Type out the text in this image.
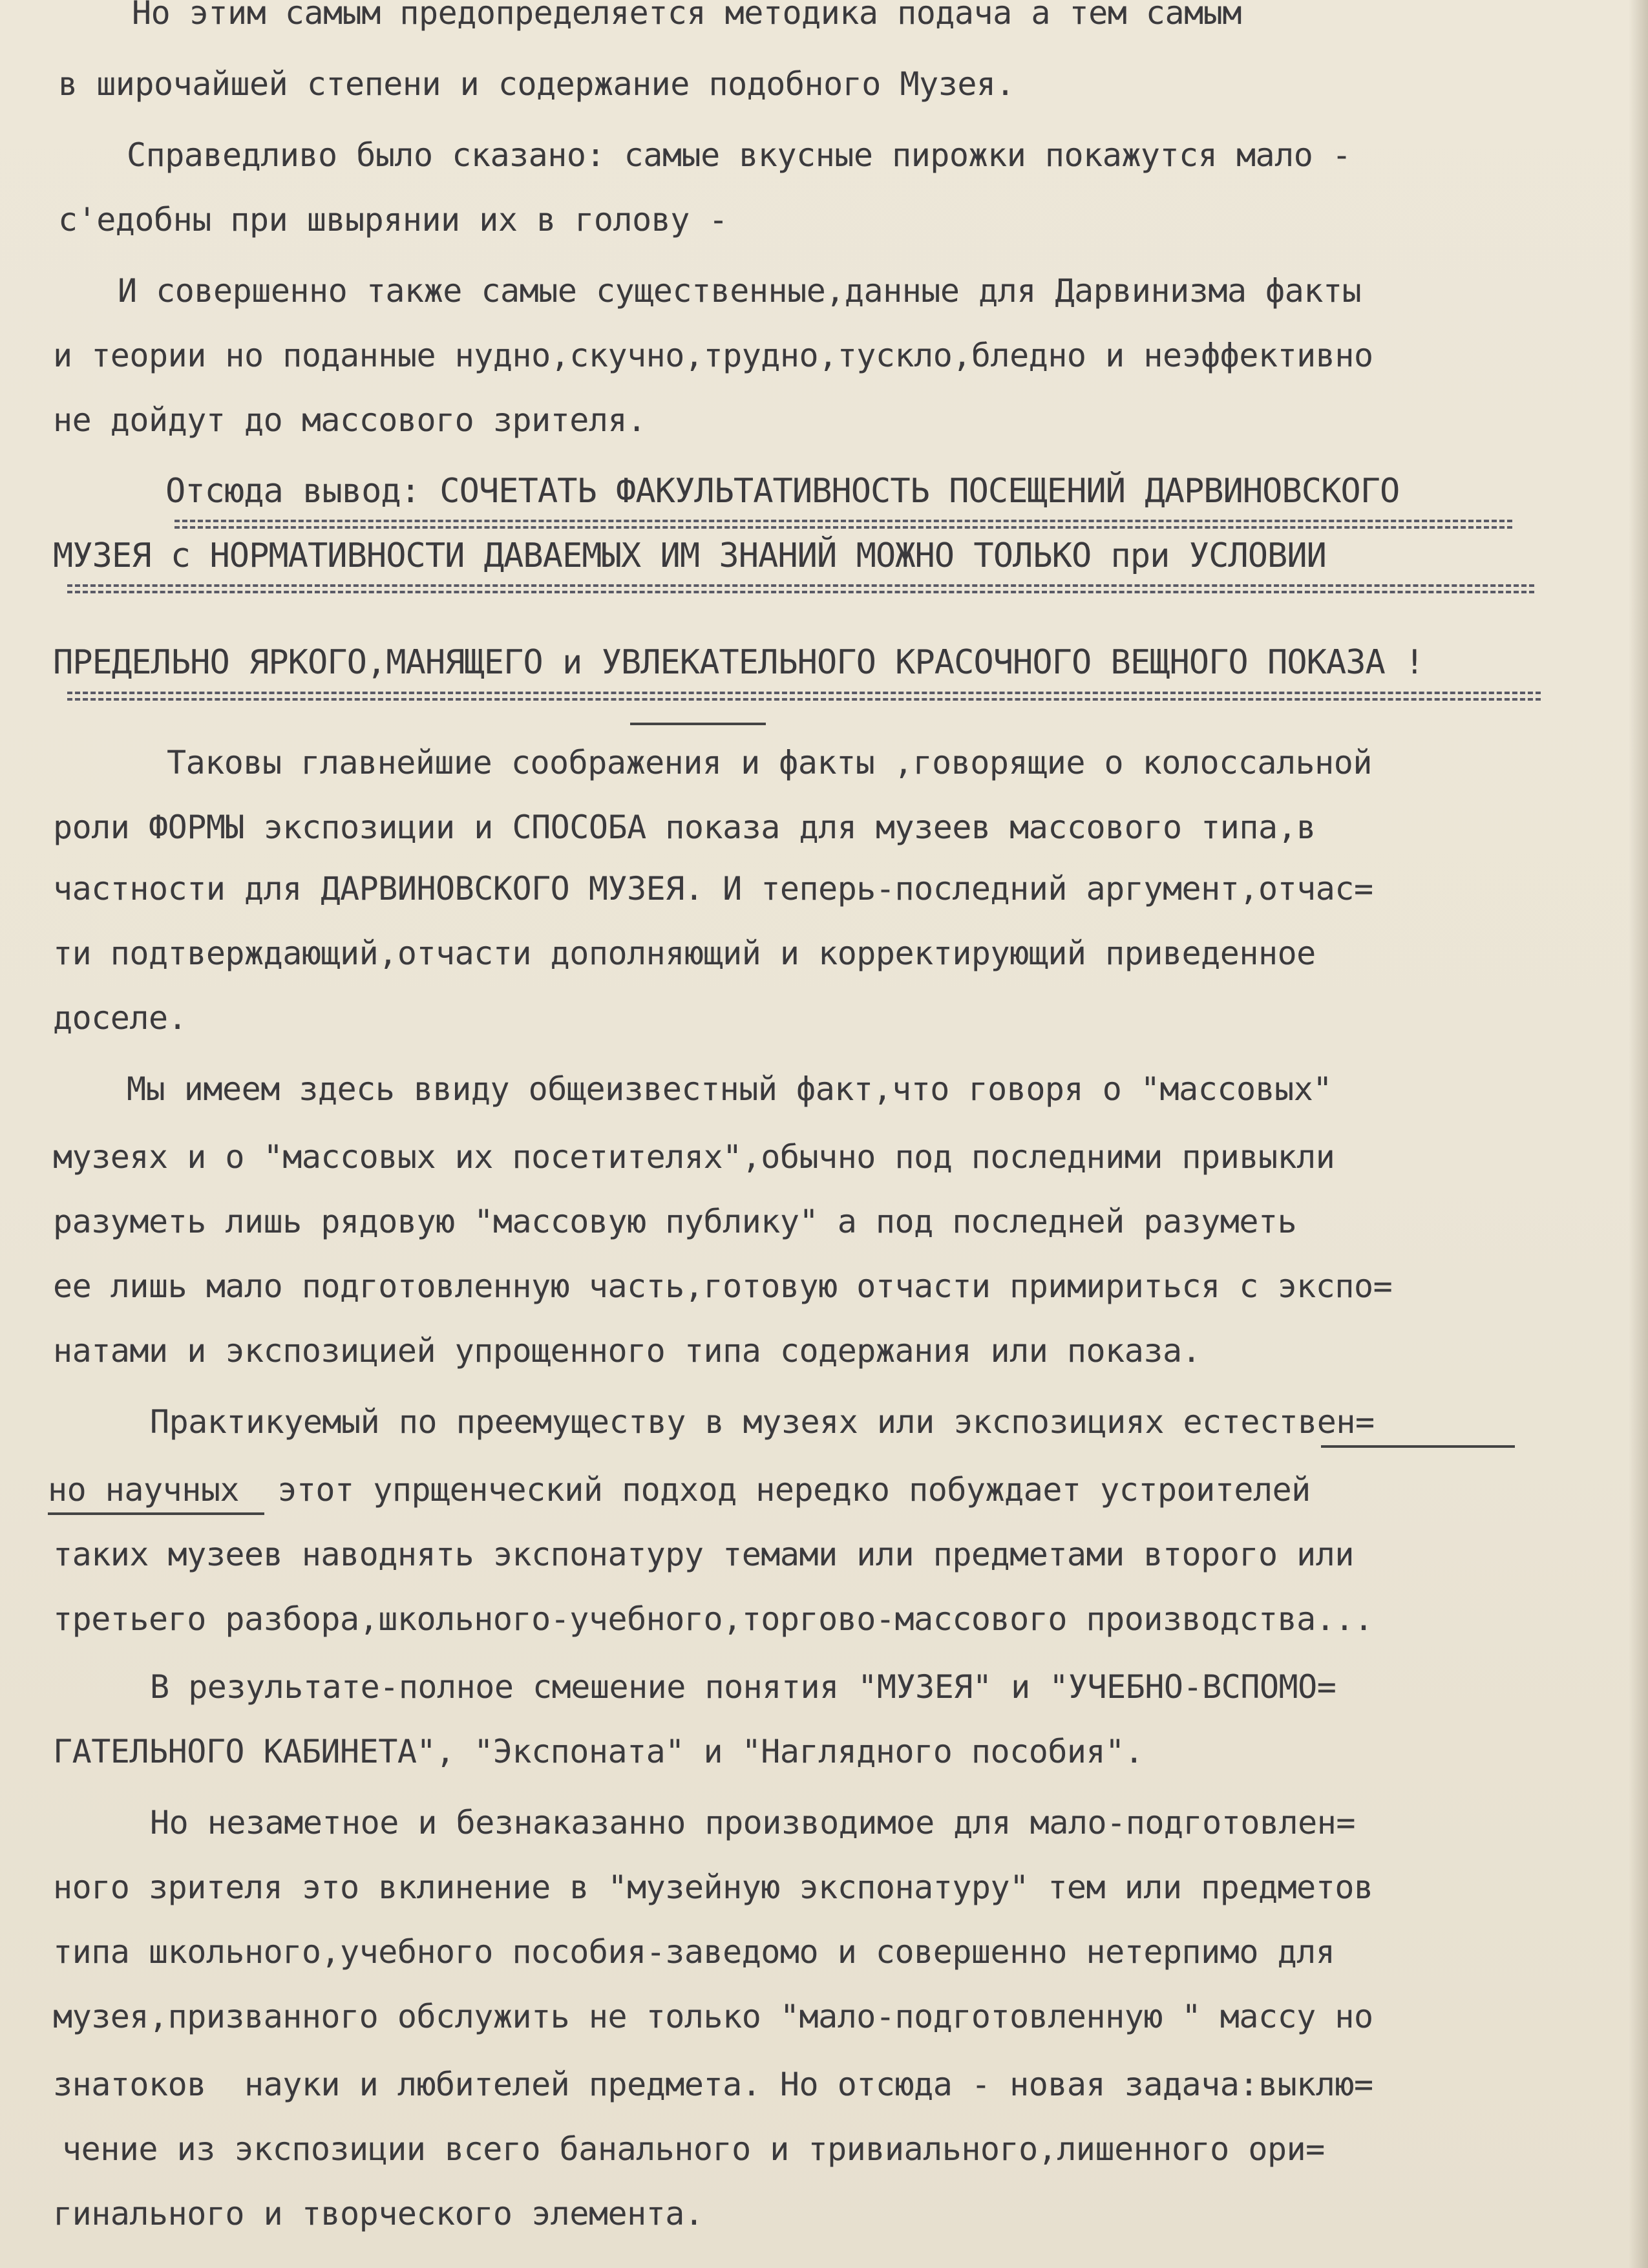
Но этим самым предопределяется методика подача а тем самым
в широчайшей степени и содержание подобного Музея.
Справедливо было сказано: самые вкусные пирожки покажутся мало -
с'едобны при швырянии их в голову -
И совершенно также самые существенные,данные для Дарвинизма факты
и теории но поданные нудно,скучно,трудно,тускло,бледно и неэффективно
не дойдут до массового зрителя.
Отсюда вывод: СОЧЕТАТЬ ФАКУЛЬТАТИВНОСТЬ ПОСЕЩЕНИЙ ДАРВИНОВСКОГО
МУЗЕЯ с НОРМАТИВНОСТИ ДАВАЕМЫХ ИМ ЗНАНИЙ МОЖНО ТОЛЬКО при УСЛОВИИ
ПРЕДЕЛЬНО ЯРКОГО,МАНЯЩЕГО и УВЛЕКАТЕЛЬНОГО КРАСОЧНОГО ВЕЩНОГО ПОКАЗА !
Таковы главнейшие соображения и факты ,говорящие о колоссальной
роли ФОРМЫ экспозиции и СПОСОБА показа для музеев массового типа,в
частности для ДАРВИНОВСКОГО МУЗЕЯ. И теперь-последний аргумент,отчас=
ти подтверждающий,отчасти дополняющий и корректирующий приведенное
доселе.
Мы имеем здесь ввиду общеизвестный факт,что говоря о "массовых"
музеях и о "массовых их посетителях",обычно под последними привыкли
разуметь лишь рядовую "массовую публику" а под последней разуметь
ее лишь мало подготовленную часть,готовую отчасти примириться с экспо=
натами и экспозицией упрощенного типа содержания или показа.
Практикуемый по преемуществу в музеях или экспозициях естествен=
но научных  этот упрщенческий подход нередко побуждает устроителей
таких музеев наводнять экспонатуру темами или предметами второго или
третьего разбора,школьного-учебного,торгово-массового производства...
В результате-полное смешение понятия "МУЗЕЯ" и "УЧЕБНО-ВСПОМО=
ГАТЕЛЬНОГО КАБИНЕТА", "Экспоната" и "Наглядного пособия".
Но незаметное и безнаказанно производимое для мало-подготовлен=
ного зрителя это вклинение в "музейную экспонатуру" тем или предметов
типа школьного,учебного пособия-заведомо и совершенно нетерпимо для
музея,призванного обслужить не только "мало-подготовленную " массу но
знатоков  науки и любителей предмета. Но отсюда - новая задача:выклю=
чение из экспозиции всего банального и тривиального,лишенного ори=
гинального и творческого элемента.
